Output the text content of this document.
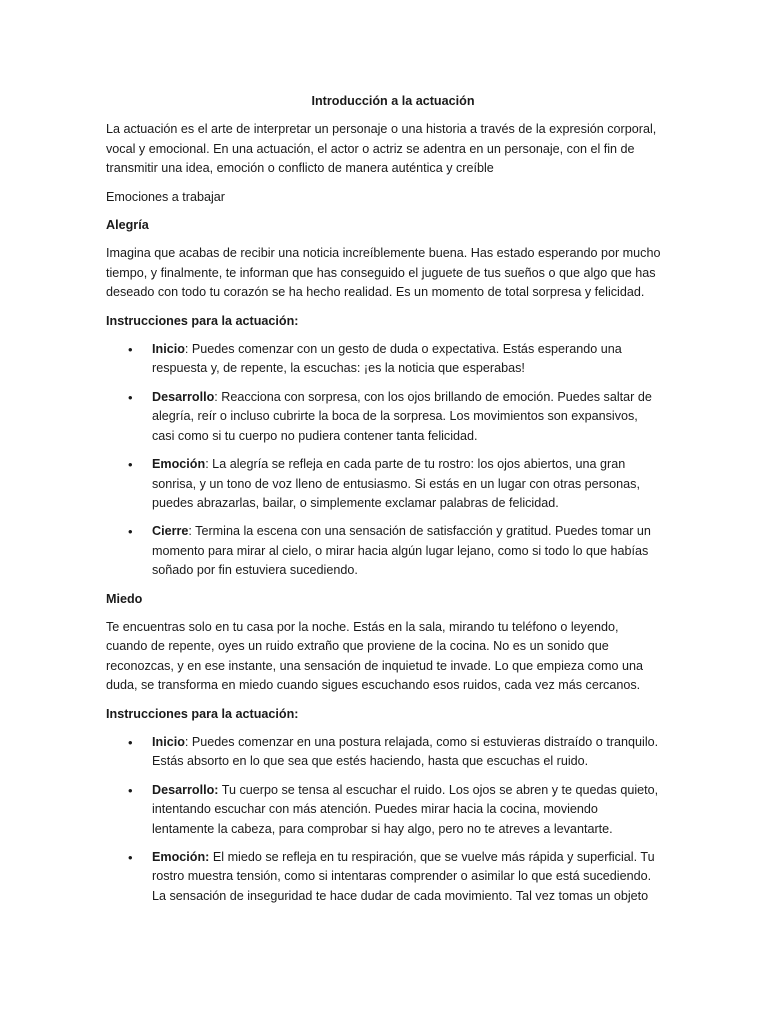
Introducción a la actuación

La actuación es el arte de interpretar un personaje o una historia a través de la expresión corporal, vocal y emocional. En una actuación, el actor o actriz se adentra en un personaje, con el fin de transmitir una idea, emoción o conflicto de manera auténtica y creíble

Emociones a trabajar

Alegría

Imagina que acabas de recibir una noticia increíblemente buena. Has estado esperando por mucho tiempo, y finalmente, te informan que has conseguido el juguete de tus sueños o que algo que has deseado con todo tu corazón se ha hecho realidad. Es un momento de total sorpresa y felicidad.

Instrucciones para la actuación:
• Inicio: Puedes comenzar con un gesto de duda o expectativa. Estás esperando una respuesta y, de repente, la escuchas: ¡es la noticia que esperabas!
• Desarrollo: Reacciona con sorpresa, con los ojos brillando de emoción. Puedes saltar de alegría, reír o incluso cubrirte la boca de la sorpresa. Los movimientos son expansivos, casi como si tu cuerpo no pudiera contener tanta felicidad.
• Emoción: La alegría se refleja en cada parte de tu rostro: los ojos abiertos, una gran sonrisa, y un tono de voz lleno de entusiasmo. Si estás en un lugar con otras personas, puedes abrazarlas, bailar, o simplemente exclamar palabras de felicidad.
• Cierre: Termina la escena con una sensación de satisfacción y gratitud. Puedes tomar un momento para mirar al cielo, o mirar hacia algún lugar lejano, como si todo lo que habías soñado por fin estuviera sucediendo.
Miedo

Te encuentras solo en tu casa por la noche. Estás en la sala, mirando tu teléfono o leyendo, cuando de repente, oyes un ruido extraño que proviene de la cocina. No es un sonido que reconozcas, y en ese instante, una sensación de inquietud te invade. Lo que empieza como una duda, se transforma en miedo cuando sigues escuchando esos ruidos, cada vez más cercanos.

Instrucciones para la actuación:
• Inicio: Puedes comenzar en una postura relajada, como si estuvieras distraído o tranquilo. Estás absorto en lo que sea que estés haciendo, hasta que escuchas el ruido.
• Desarrollo: Tu cuerpo se tensa al escuchar el ruido. Los ojos se abren y te quedas quieto, intentando escuchar con más atención. Puedes mirar hacia la cocina, moviendo lentamente la cabeza, para comprobar si hay algo, pero no te atreves a levantarte.
• Emoción: El miedo se refleja en tu respiración, que se vuelve más rápida y superficial. Tu rostro muestra tensión, como si intentaras comprender o asimilar lo que está sucediendo. La sensación de inseguridad te hace dudar de cada movimiento. Tal vez tomas un objeto
